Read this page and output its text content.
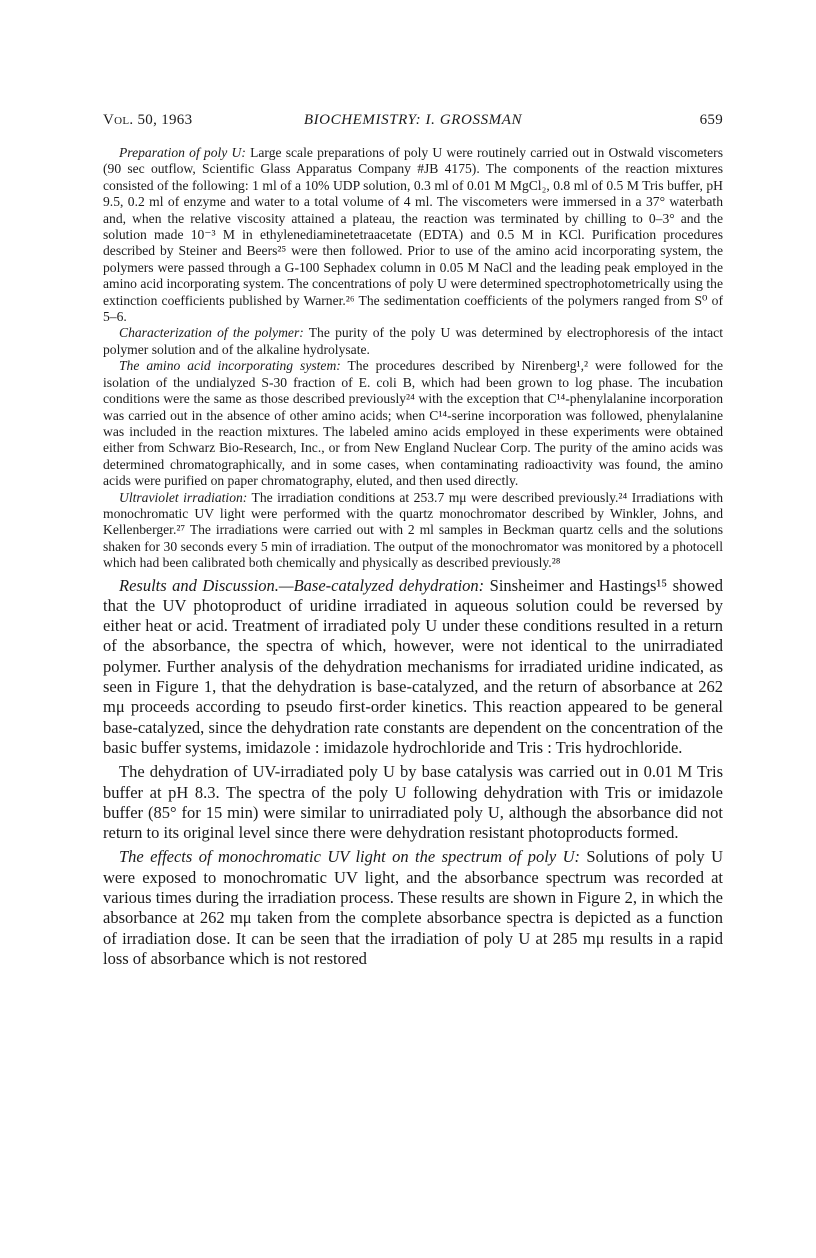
Vol. 50, 1963	BIOCHEMISTRY: I. GROSSMAN	659

Preparation of poly U: Large scale preparations of poly U were routinely carried out in Ostwald viscometers (90 sec outflow, Scientific Glass Apparatus Company #JB 4175). The components of the reaction mixtures consisted of the following: 1 ml of a 10% UDP solution, 0.3 ml of 0.01 M MgCl₂, 0.8 ml of 0.5 M Tris buffer, pH 9.5, 0.2 ml of enzyme and water to a total volume of 4 ml. The viscometers were immersed in a 37° waterbath and, when the relative viscosity attained a plateau, the reaction was terminated by chilling to 0–3° and the solution made 10⁻³ M in ethylenediaminetetraacetate (EDTA) and 0.5 M in KCl. Purification procedures described by Steiner and Beers²⁵ were then followed. Prior to use of the amino acid incorporating system, the polymers were passed through a G-100 Sephadex column in 0.05 M NaCl and the leading peak employed in the amino acid incorporating system. The concentrations of poly U were determined spectrophotometrically using the extinction coefficients published by Warner.²⁶ The sedimentation coefficients of the polymers ranged from S⁰ of 5–6.

Characterization of the polymer: The purity of the poly U was determined by electrophoresis of the intact polymer solution and of the alkaline hydrolysate.

The amino acid incorporating system: The procedures described by Nirenberg¹,² were followed for the isolation of the undialyzed S-30 fraction of E. coli B, which had been grown to log phase. The incubation conditions were the same as those described previously²⁴ with the exception that C¹⁴-phenylalanine incorporation was carried out in the absence of other amino acids; when C¹⁴-serine incorporation was followed, phenylalanine was included in the reaction mixtures. The labeled amino acids employed in these experiments were obtained either from Schwarz Bio-Research, Inc., or from New England Nuclear Corp. The purity of the amino acids was determined chromatographically, and in some cases, when contaminating radioactivity was found, the amino acids were purified on paper chromatography, eluted, and then used directly.

Ultraviolet irradiation: The irradiation conditions at 253.7 mμ were described previously.²⁴ Irradiations with monochromatic UV light were performed with the quartz monochromator described by Winkler, Johns, and Kellenberger.²⁷ The irradiations were carried out with 2 ml samples in Beckman quartz cells and the solutions shaken for 30 seconds every 5 min of irradiation. The output of the monochromator was monitored by a photocell which had been calibrated both chemically and physically as described previously.²⁸

Results and Discussion.—Base-catalyzed dehydration: Sinsheimer and Hastings¹⁵ showed that the UV photoproduct of uridine irradiated in aqueous solution could be reversed by either heat or acid. Treatment of irradiated poly U under these conditions resulted in a return of the absorbance, the spectra of which, however, were not identical to the unirradiated polymer. Further analysis of the dehydration mechanisms for irradiated uridine indicated, as seen in Figure 1, that the dehydration is base-catalyzed, and the return of absorbance at 262 mμ proceeds according to pseudo first-order kinetics. This reaction appeared to be general base-catalyzed, since the dehydration rate constants are dependent on the concentration of the basic buffer systems, imidazole : imidazole hydrochloride and Tris : Tris hydrochloride.

The dehydration of UV-irradiated poly U by base catalysis was carried out in 0.01 M Tris buffer at pH 8.3. The spectra of the poly U following dehydration with Tris or imidazole buffer (85° for 15 min) were similar to unirradiated poly U, although the absorbance did not return to its original level since there were dehydration resistant photoproducts formed.

The effects of monochromatic UV light on the spectrum of poly U: Solutions of poly U were exposed to monochromatic UV light, and the absorbance spectrum was recorded at various times during the irradiation process. These results are shown in Figure 2, in which the absorbance at 262 mμ taken from the complete absorbance spectra is depicted as a function of irradiation dose. It can be seen that the irradiation of poly U at 285 mμ results in a rapid loss of absorbance which is not restored
